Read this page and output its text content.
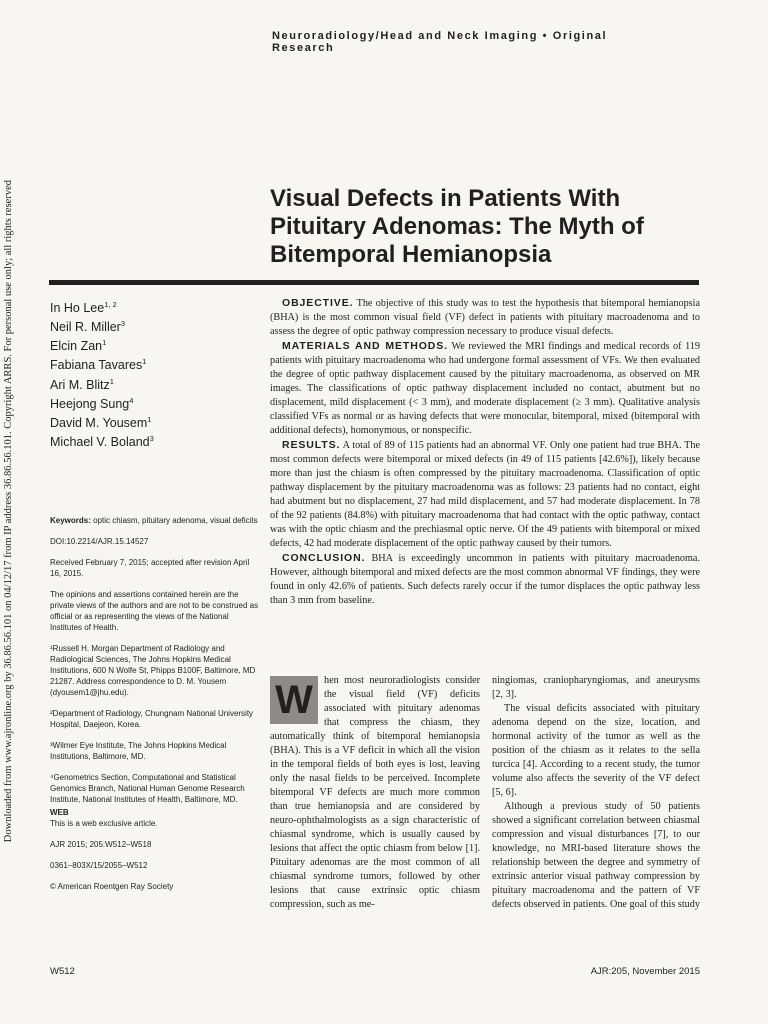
Neuroradiology/Head and Neck Imaging • Original Research
Downloaded from www.ajronline.org by 36.86.56.101 on 04/12/17 from IP address 36.86.56.101. Copyright ARRS. For personal use only; all rights reserved	Visual Defects in Patients With
Pituitary Adenomas: The Myth of
Bitemporal Hemianopsia
In Ho Lee$^{1, 2}$
Neil R. Miller$^3$
Elcin Zan$^1$
Fabiana Tavares$^1$
Ari M. Blitz$^1$
Heejong Sung$^4$
David M. Yousem$^1$
Michael V. Boland$^3$

Keywords: optic chiasm, pituitary adenoma, visual deficits

DOI:10.2214/AJR.15.14527

Received February 7, 2015; accepted after revision April 16, 2015.

The opinions and assertions contained herein are the private views of the authors and are not to be construed as official or as representing the views of the National Institutes of Health.

¹Russell H. Morgan Department of Radiology and Radiological Sciences, The Johns Hopkins Medical Institutions, 600 N Wolfe St, Phipps B100F, Baltimore, MD 21287. Address correspondence to D. M. Yousem (dyousem1@jhu.edu).

²Department of Radiology, Chungnam National University Hospital, Daejeon, Korea.

³Wilmer Eye Institute, The Johns Hopkins Medical Institutions, Baltimore, MD.

⁴Genometrics Section, Computational and Statistical Genomics Branch, National Human Genome Research Institute, National Institutes of Health, Baltimore, MD.

WEB

This is a web exclusive article.

AJR 2015; 205:W512–W518

0361–803X/15/2055–W512

© American Roentgen Ray Society

OBJECTIVE. The objective of this study was to test the hypothesis that bitemporal hemianopsia (BHA) is the most common visual field (VF) defect in patients with pituitary macroadenoma and to assess the degree of optic pathway compression necessary to produce visual defects.

MATERIALS AND METHODS. We reviewed the MRI findings and medical records of 119 patients with pituitary macroadenoma who had undergone formal assessment of VFs. We then evaluated the degree of optic pathway displacement caused by the pituitary macroadenoma, as observed on MR images. The classifications of optic pathway displacement included no contact, abutment but no displacement, mild displacement (< 3 mm), and moderate displacement (≥ 3 mm). Qualitative analysis classified VFs as normal or as having defects that were monocular, bitemporal, mixed (bitemporal with additional defects), homonymous, or nonspecific.

RESULTS. A total of 89 of 115 patients had an abnormal VF. Only one patient had true BHA. The most common defects were bitemporal or mixed defects (in 49 of 115 patients [42.6%]), likely because more than just the chiasm is often compressed by the pituitary macroadenoma. Classification of optic pathway displacement by the pituitary macroadenoma was as follows: 23 patients had no contact, eight had abutment but no displacement, 27 had mild displacement, and 57 had moderate displacement. In 78 of the 92 patients (84.8%) with pituitary macroadenoma that had contact with the optic pathway, contact was with the optic chiasm and the prechiasmal optic nerve. Of the 49 patients with bitemporal or mixed defects, 42 had moderate displacement of the optic pathway caused by their tumors.

CONCLUSION. BHA is exceedingly uncommon in patients with pituitary macroadenoma. However, although bitemporal and mixed defects are the most common abnormal VF findings, they were found in only 42.6% of patients. Such defects rarely occur if the tumor displaces the optic pathway less than 3 mm from baseline.

W	hen most neuroradiologists consider the visual field (VF) deficits associated with pituitary adenomas that compress the chiasm, they automatically think of bitemporal hemianopsia (BHA). This is a VF deficit in which all the vision in the temporal fields of both eyes is lost, leaving only the nasal fields to be perceived. Incomplete bitemporal VF defects are much more common than true hemianopsia and are considered by neuro-ophthalmologists as a sign characteristic of chiasmal syndrome, which is usually caused by lesions that affect the optic chiasm from below [1]. Pituitary adenomas are the most common of all chiasmal syndrome tumors, followed by other lesions that cause extrinsic optic chiasm compression, such as me-

ningiomas, craniopharyngiomas, and aneurysms [2, 3].

The visual deficits associated with pituitary adenoma depend on the size, location, and hormonal activity of the tumor as well as the position of the chiasm as it relates to the sella turcica [4]. According to a recent study, the tumor volume also affects the severity of the VF defect [5, 6].

Although a previous study of 50 patients showed a significant correlation between chiasmal compression and visual disturbances [7], to our knowledge, no MRI-based literature shows the relationship between the degree and symmetry of extrinsic anterior visual pathway compression by pituitary macroadenoma and the pattern of VF defects observed in patients. One goal of this study

W512	AJR:205, November 2015
